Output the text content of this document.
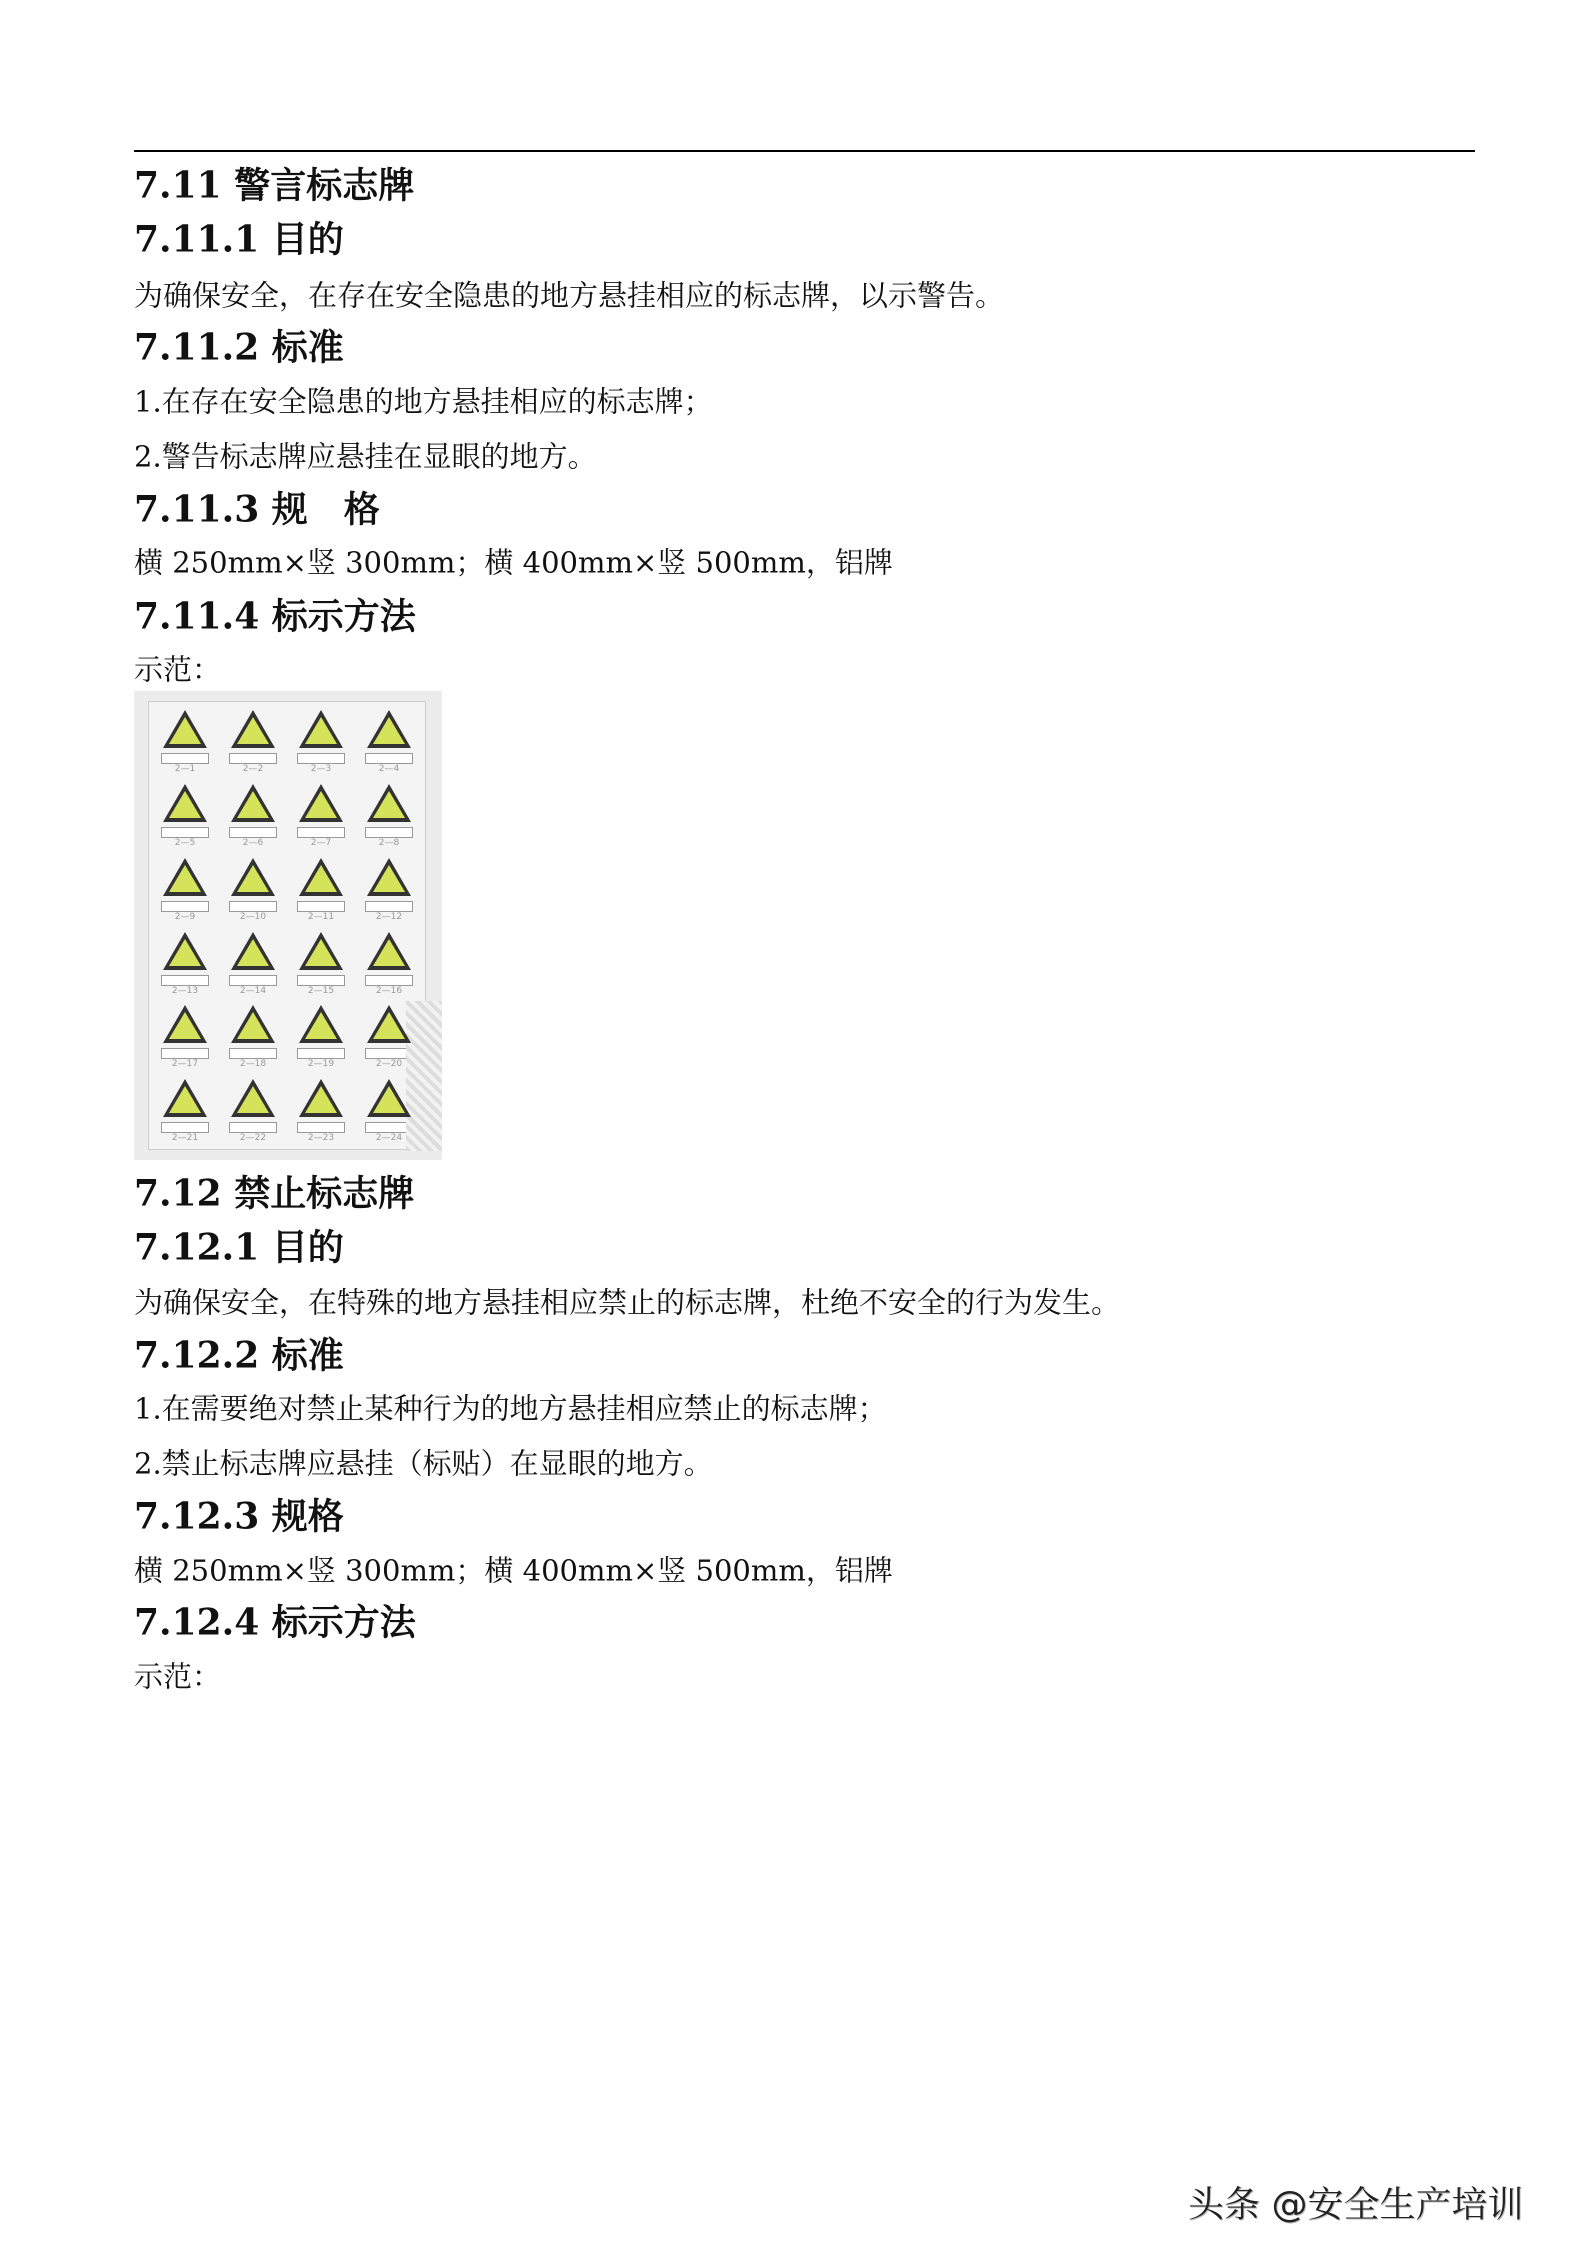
7.11 警言标志牌
7.11.1 目的
为确保安全，在存在安全隐患的地方悬挂相应的标志牌，以示警告。
7.11.2 标准
1.在存在安全隐患的地方悬挂相应的标志牌；
2.警告标志牌应悬挂在显眼的地方。
7.11.3 规　格
横 250mm×竖 300mm；横 400mm×竖 500mm，铝牌
7.11.4 标示方法
示范：
2—1	2—2	2—3	2—4
2—5	2—6	2—7	2—8
2—9	2—10	2—11	2—12
2—13	2—14	2—15	2—16
2—17	2—18	2—19	2—20
2—21	2—22	2—23	2—24
7.12 禁止标志牌
7.12.1 目的
为确保安全，在特殊的地方悬挂相应禁止的标志牌，杜绝不安全的行为发生。
7.12.2 标准
1.在需要绝对禁止某种行为的地方悬挂相应禁止的标志牌；
2.禁止标志牌应悬挂（标贴）在显眼的地方。
7.12.3 规格
横 250mm×竖 300mm；横 400mm×竖 500mm，铝牌
7.12.4 标示方法
示范：
头条 @安全生产培训
